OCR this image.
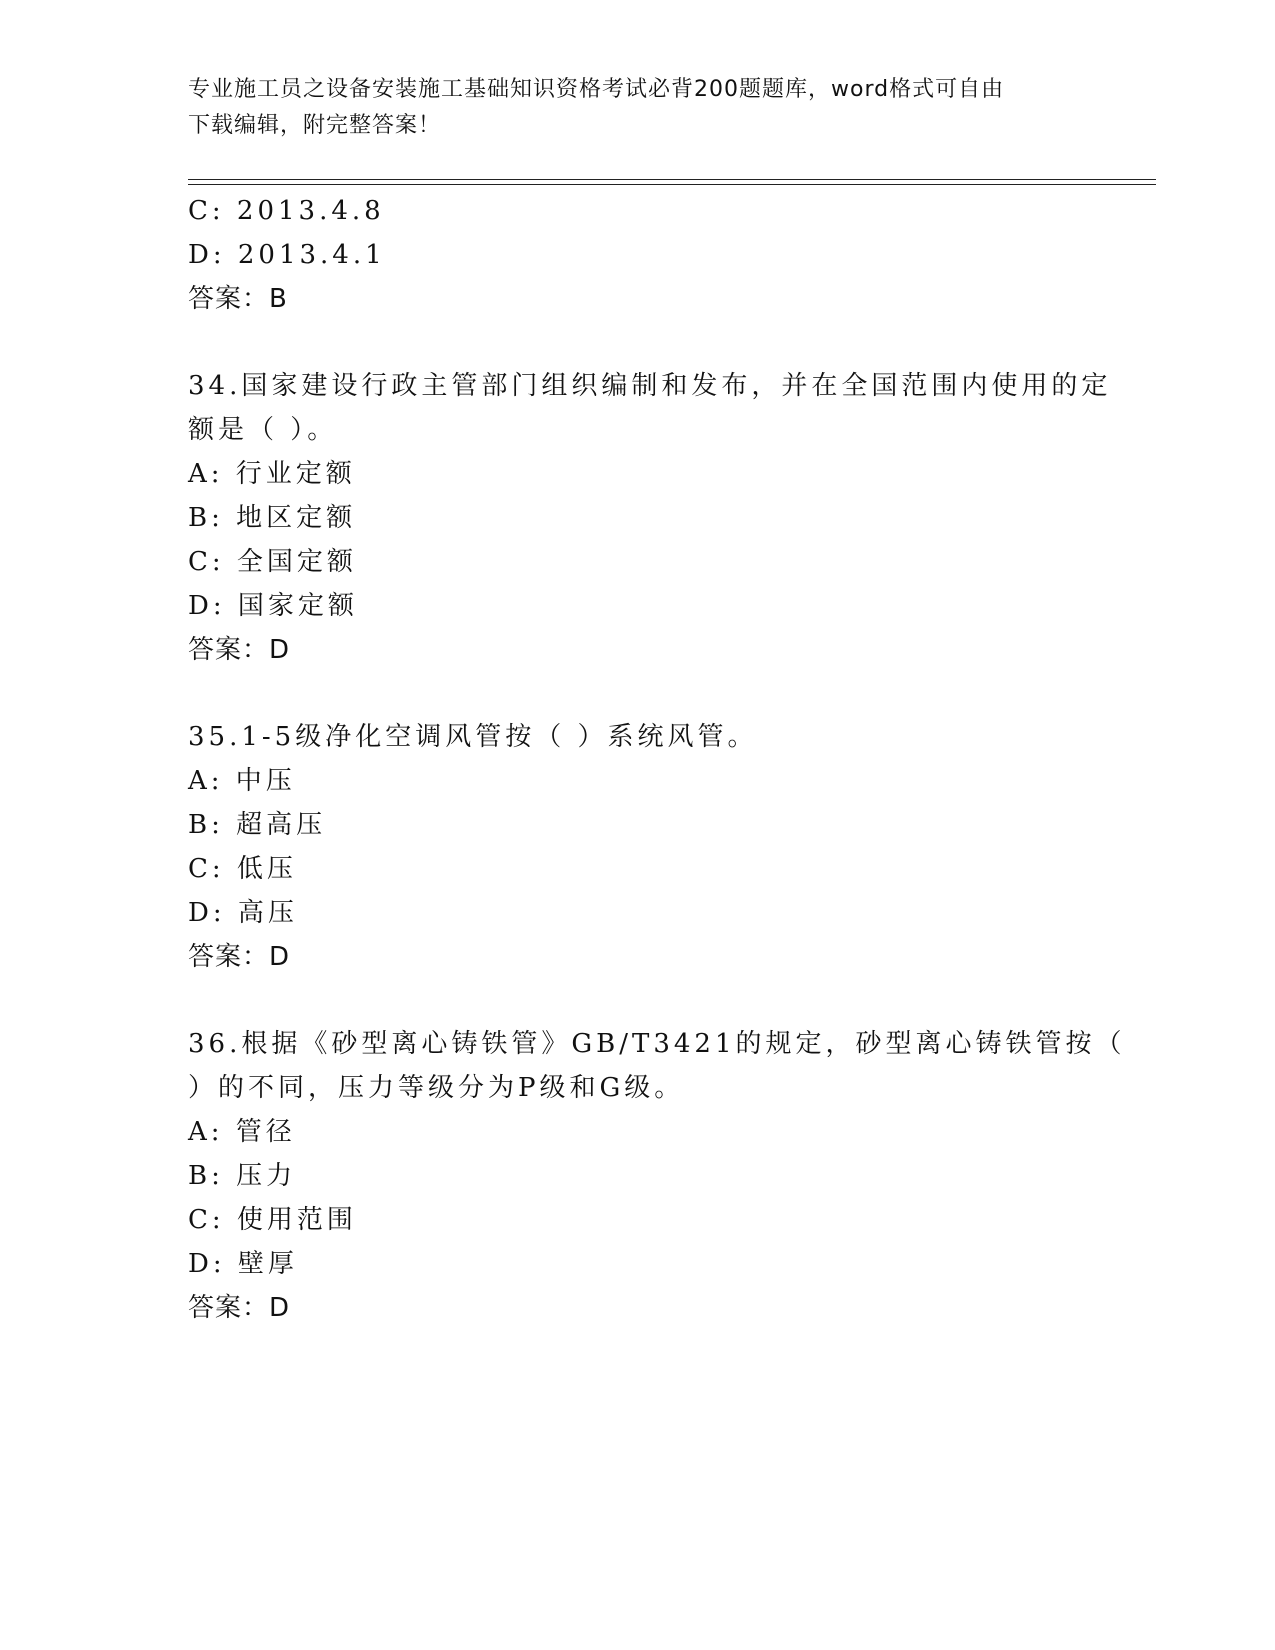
专业施工员之设备安装施工基础知识资格考试必背200题题库，word格式可自由
下载编辑，附完整答案！
C: 2013.4.8
D: 2013.4.1
答案：B
34.国家建设行政主管部门组织编制和发布，并在全国范围内使用的定
额是（ ）。
A: 行业定额
B: 地区定额
C: 全国定额
D: 国家定额
答案：D
35.1-5级净化空调风管按（ ）系统风管。
A: 中压
B: 超高压
C: 低压
D: 高压
答案：D
36.根据《砂型离心铸铁管》GB/T3421的规定，砂型离心铸铁管按（
）的不同，压力等级分为P级和G级。
A: 管径
B: 压力
C: 使用范围
D: 壁厚
答案：D
